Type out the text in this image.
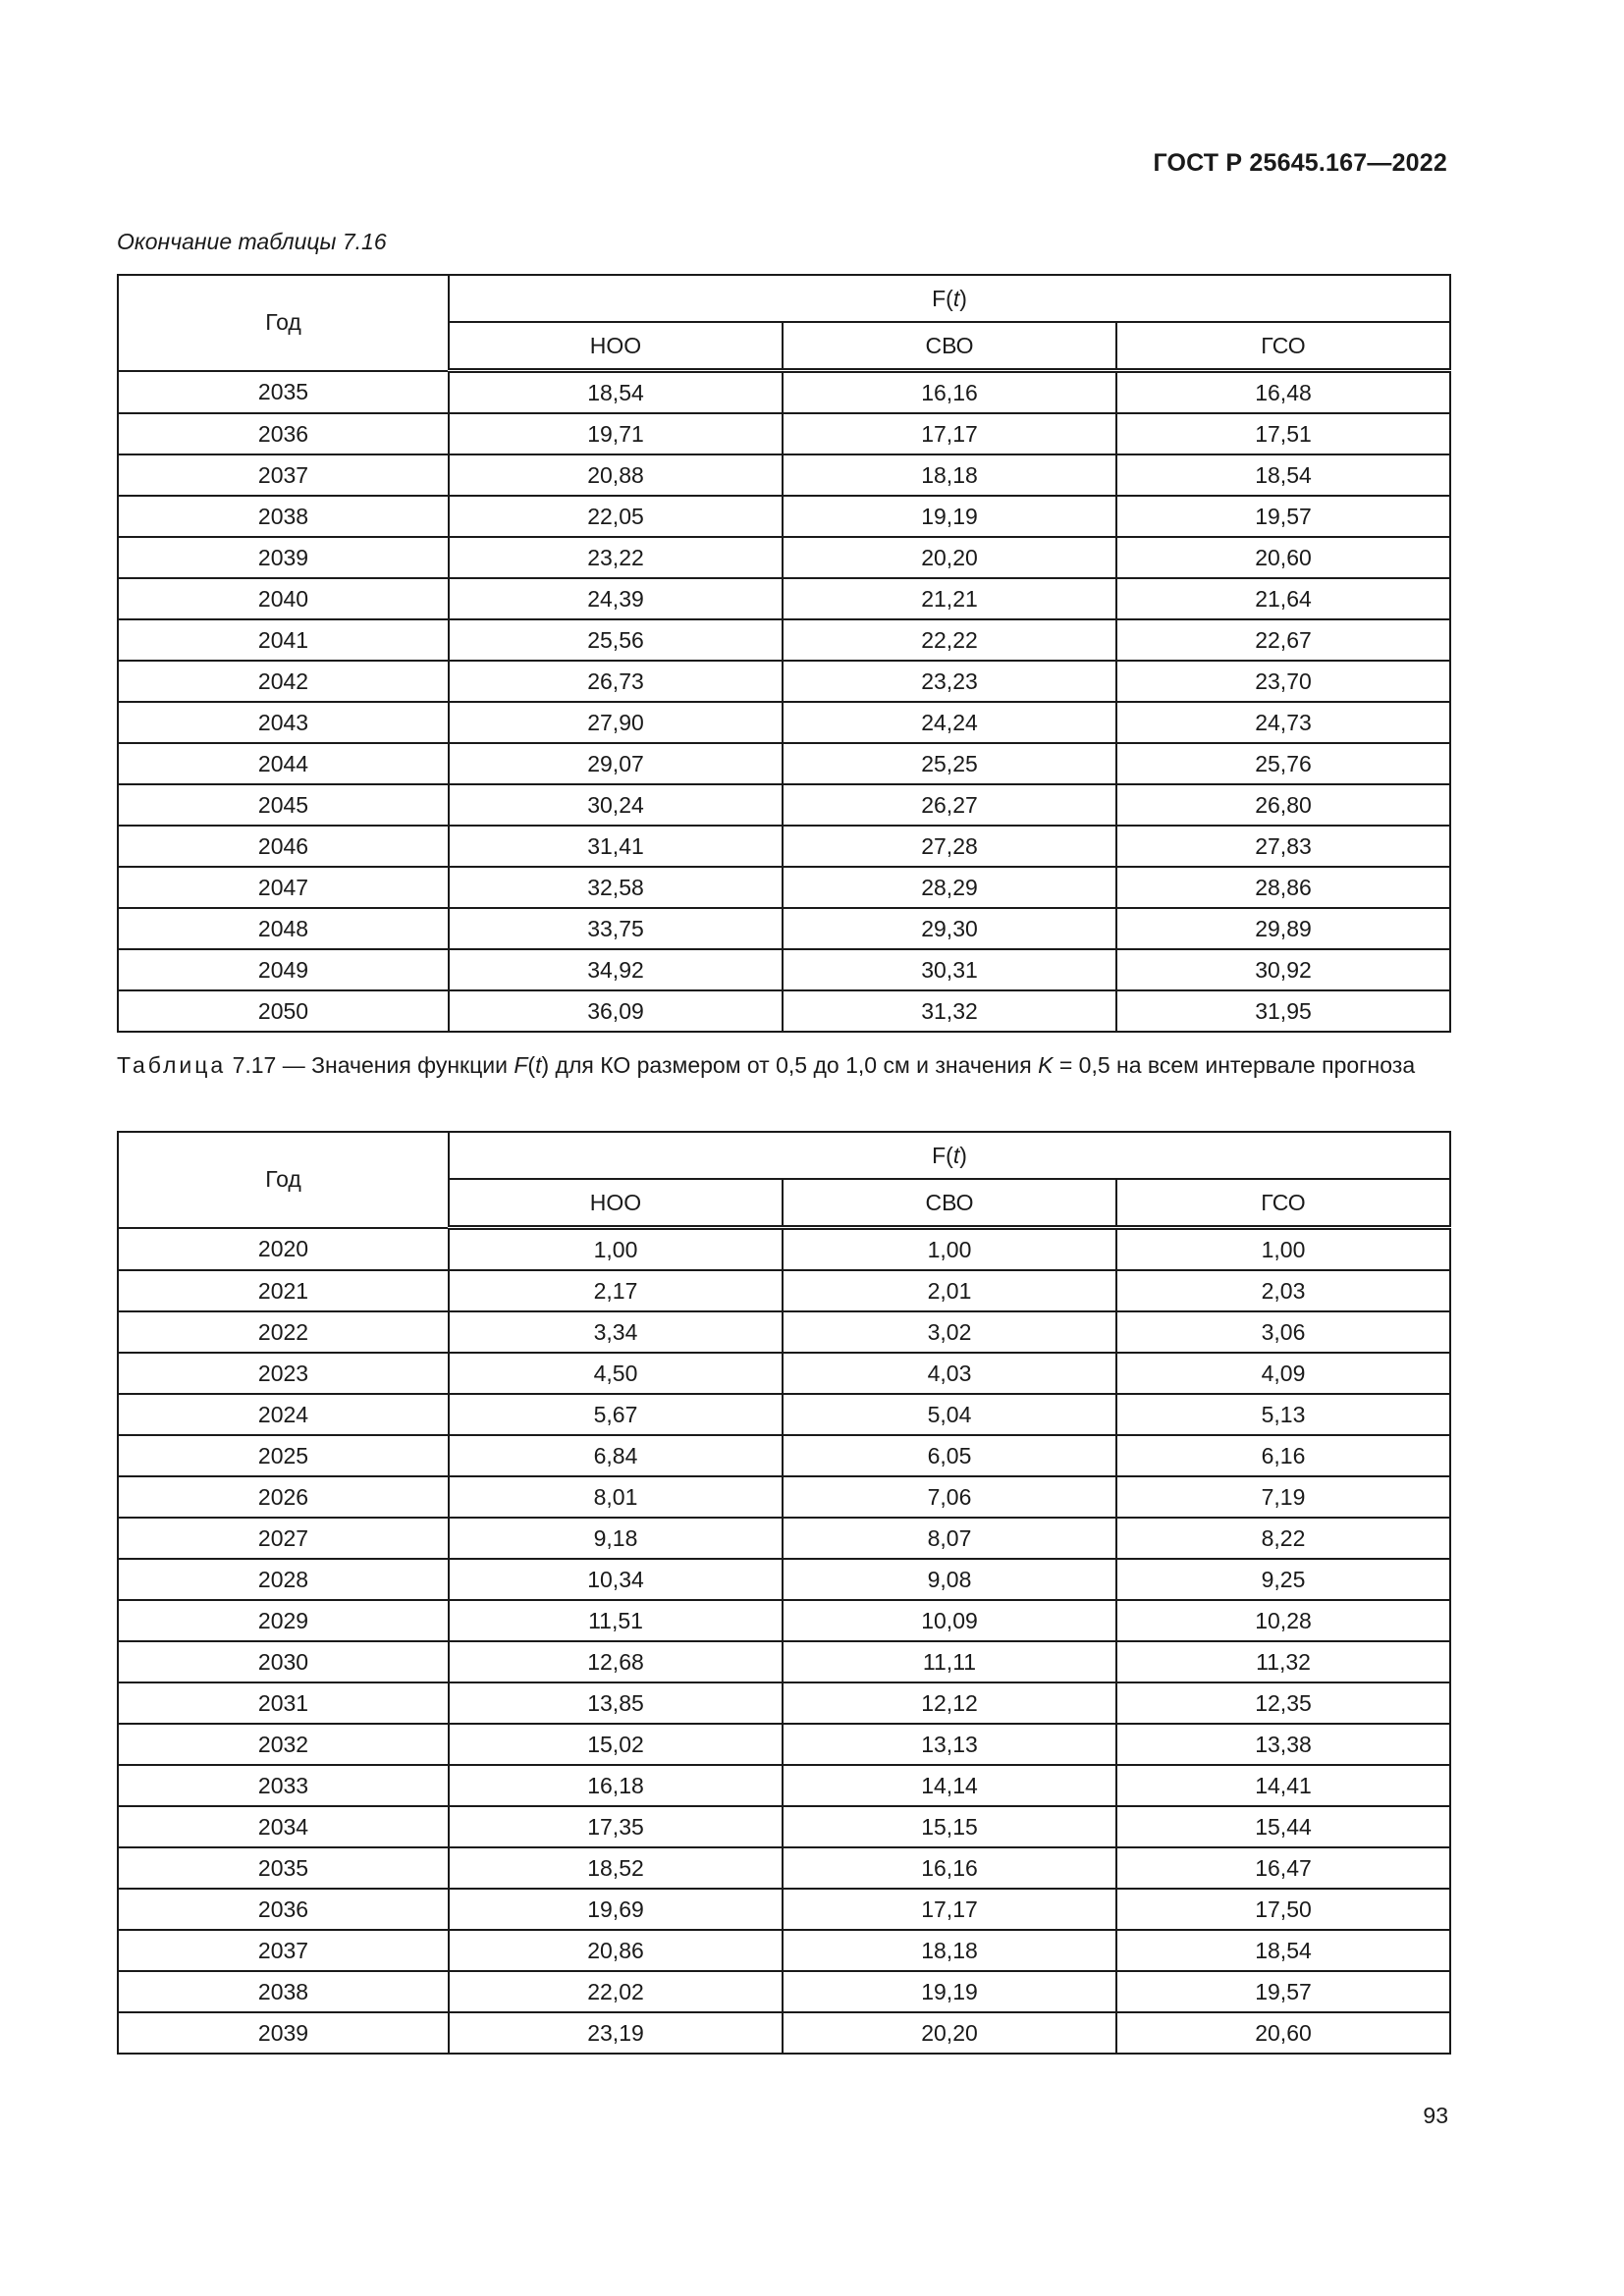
ГОСТ Р 25645.167—2022
Окончание таблицы 7.16
Год	F(t)		
	НОО	СВО	ГСО
2035	18,54	16,16	16,48
2036	19,71	17,17	17,51
2037	20,88	18,18	18,54
2038	22,05	19,19	19,57
2039	23,22	20,20	20,60
2040	24,39	21,21	21,64
2041	25,56	22,22	22,67
2042	26,73	23,23	23,70
2043	27,90	24,24	24,73
2044	29,07	25,25	25,76
2045	30,24	26,27	26,80
2046	31,41	27,28	27,83
2047	32,58	28,29	28,86
2048	33,75	29,30	29,89
2049	34,92	30,31	30,92
2050	36,09	31,32	31,95
Таблица 7.17 — Значения функции F(t) для КО размером от 0,5 до 1,0 см и значения K = 0,5 на всем интервале прогноза
Год	F(t)		
	НОО	СВО	ГСО
2020	1,00	1,00	1,00
2021	2,17	2,01	2,03
2022	3,34	3,02	3,06
2023	4,50	4,03	4,09
2024	5,67	5,04	5,13
2025	6,84	6,05	6,16
2026	8,01	7,06	7,19
2027	9,18	8,07	8,22
2028	10,34	9,08	9,25
2029	11,51	10,09	10,28
2030	12,68	11,11	11,32
2031	13,85	12,12	12,35
2032	15,02	13,13	13,38
2033	16,18	14,14	14,41
2034	17,35	15,15	15,44
2035	18,52	16,16	16,47
2036	19,69	17,17	17,50
2037	20,86	18,18	18,54
2038	22,02	19,19	19,57
2039	23,19	20,20	20,60
93
